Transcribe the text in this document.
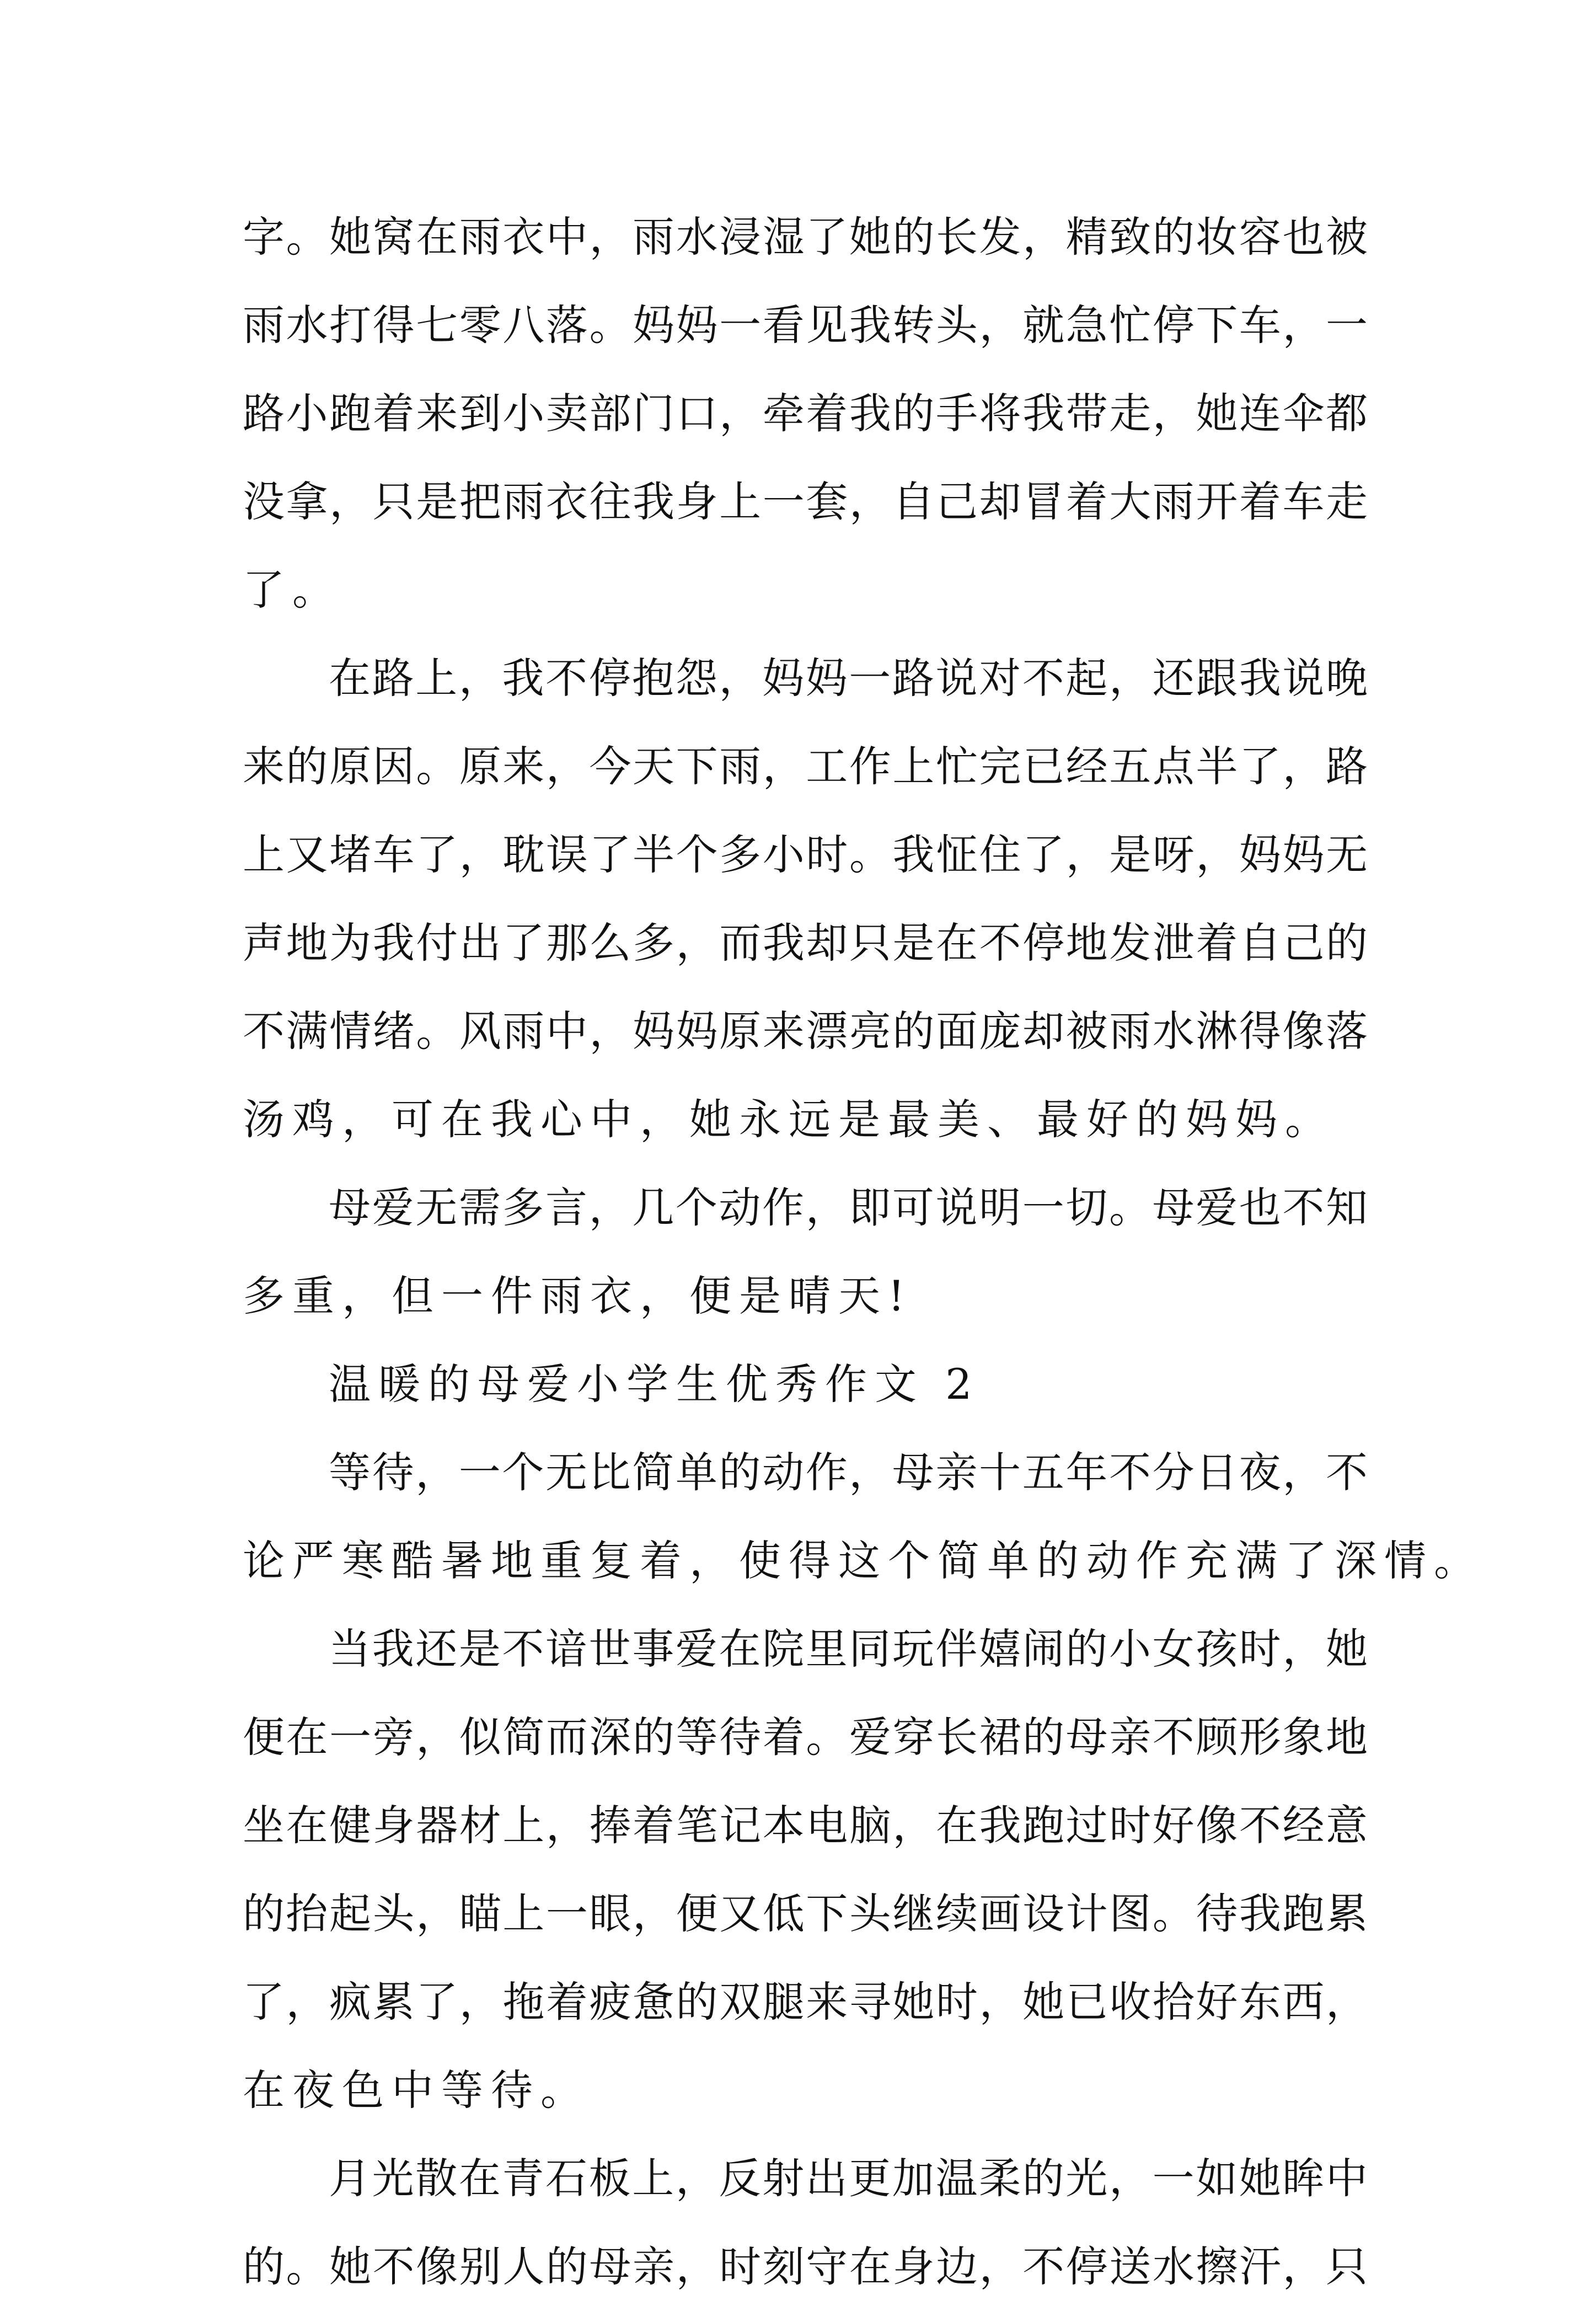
字。她窝在雨衣中，雨水浸湿了她的长发，精致的妆容也被
雨水打得七零八落。妈妈一看见我转头，就急忙停下车，一
路小跑着来到小卖部门口，牵着我的手将我带走，她连伞都
没拿，只是把雨衣往我身上一套，自己却冒着大雨开着车走
了。
在路上，我不停抱怨，妈妈一路说对不起，还跟我说晚
来的原因。原来，今天下雨，工作上忙完已经五点半了，路
上又堵车了，耽误了半个多小时。我怔住了，是呀，妈妈无
声地为我付出了那么多，而我却只是在不停地发泄着自己的
不满情绪。风雨中，妈妈原来漂亮的面庞却被雨水淋得像落
汤鸡，可在我心中，她永远是最美、最好的妈妈。
母爱无需多言，几个动作，即可说明一切。母爱也不知
多重，但一件雨衣，便是晴天!
温暖的母爱小学生优秀作文 2
等待，一个无比简单的动作，母亲十五年不分日夜，不
论严寒酷暑地重复着，使得这个简单的动作充满了深情。
当我还是不谙世事爱在院里同玩伴嬉闹的小女孩时，她
便在一旁，似简而深的等待着。爱穿长裙的母亲不顾形象地
坐在健身器材上，捧着笔记本电脑，在我跑过时好像不经意
的抬起头，瞄上一眼，便又低下头继续画设计图。待我跑累
了，疯累了，拖着疲惫的双腿来寻她时，她已收拾好东西，
在夜色中等待。
月光散在青石板上，反射出更加温柔的光，一如她眸中
的。她不像别人的母亲，时刻守在身边，不停送水擦汗，只
